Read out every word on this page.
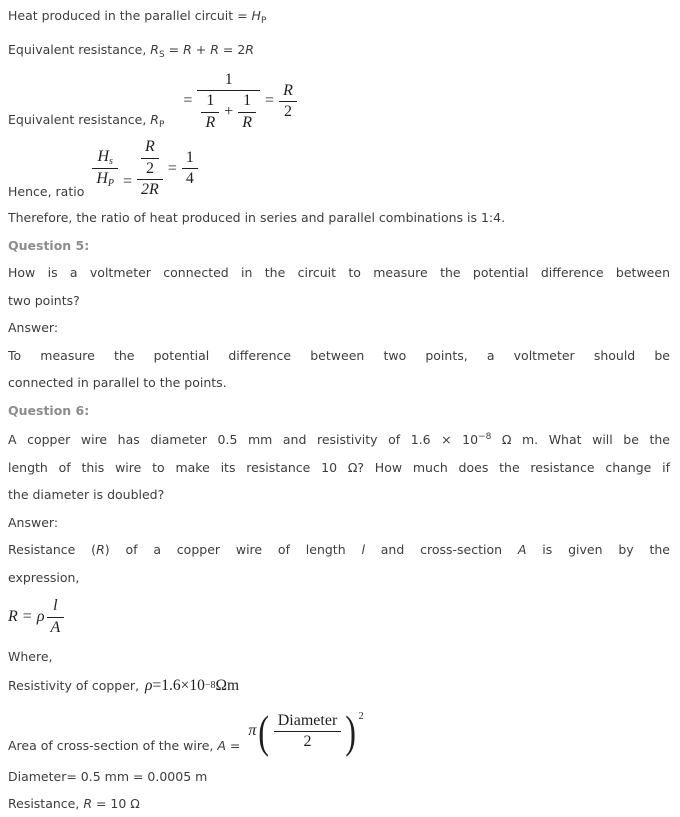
Heat produced in the parallel circuit = $H_P$
Equivalent resistance, $R_S = R + R = 2R$
Equivalent resistance, $R_P$
= $\frac{1}{\frac{1}{R} + \frac{1}{R}} = \frac{R}{2}$
Hence, ratio
$\frac{Hs}{HP} = \frac{\frac{R}{2}}{2R} = \frac{1}{4}$
Therefore, the ratio of heat produced in series and parallel combinations is 1:4.
Question 5:
How is a voltmeter connected in the circuit to measure the potential difference between
two points?
Answer:
To measure the potential difference between two points, a voltmeter should be
connected in parallel to the points.
Question 6:
A copper wire has diameter 0.5 mm and resistivity of $1.6 \times 10^{-8}$ Ω m. What will be the
length of this wire to make its resistance 10 Ω? How much does the resistance change if
the diameter is doubled?
Answer:
Resistance (R) of a copper wire of length l and cross-section A is given by the
expression,
R = ρ $\frac{l}{A}$
Where,
Resistivity of copper, ρ =1.6×10 −8 Ωm
Area of cross-section of the wire, A =
π ( $\frac{\text{Diameter}}{2}$ ) 2
Diameter= 0.5 mm = 0.0005 m
Resistance, R = 10 Ω
